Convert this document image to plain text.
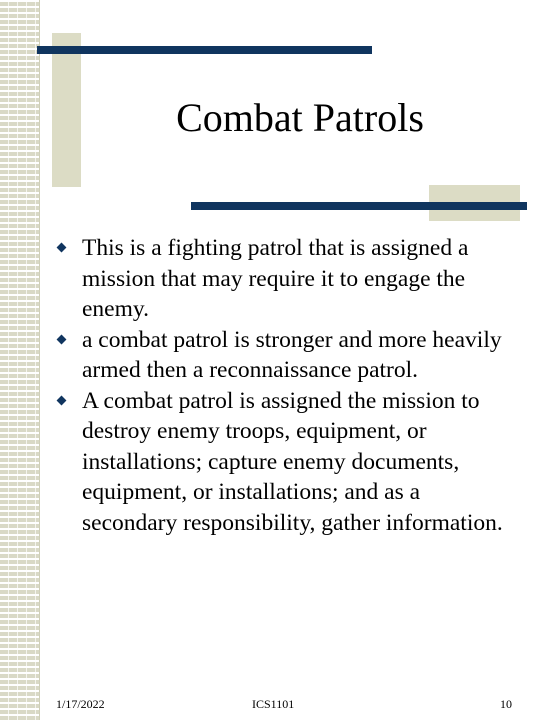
Combat Patrols
This is a fighting patrol that is assigned a mission that may require it to engage the enemy.
a combat patrol is stronger and more heavily armed then a reconnaissance patrol.
A combat patrol is assigned the mission to destroy enemy troops, equipment, or installations; capture enemy documents, equipment, or installations; and as a secondary responsibility, gather information.
1/17/2022	ICS1101	10
